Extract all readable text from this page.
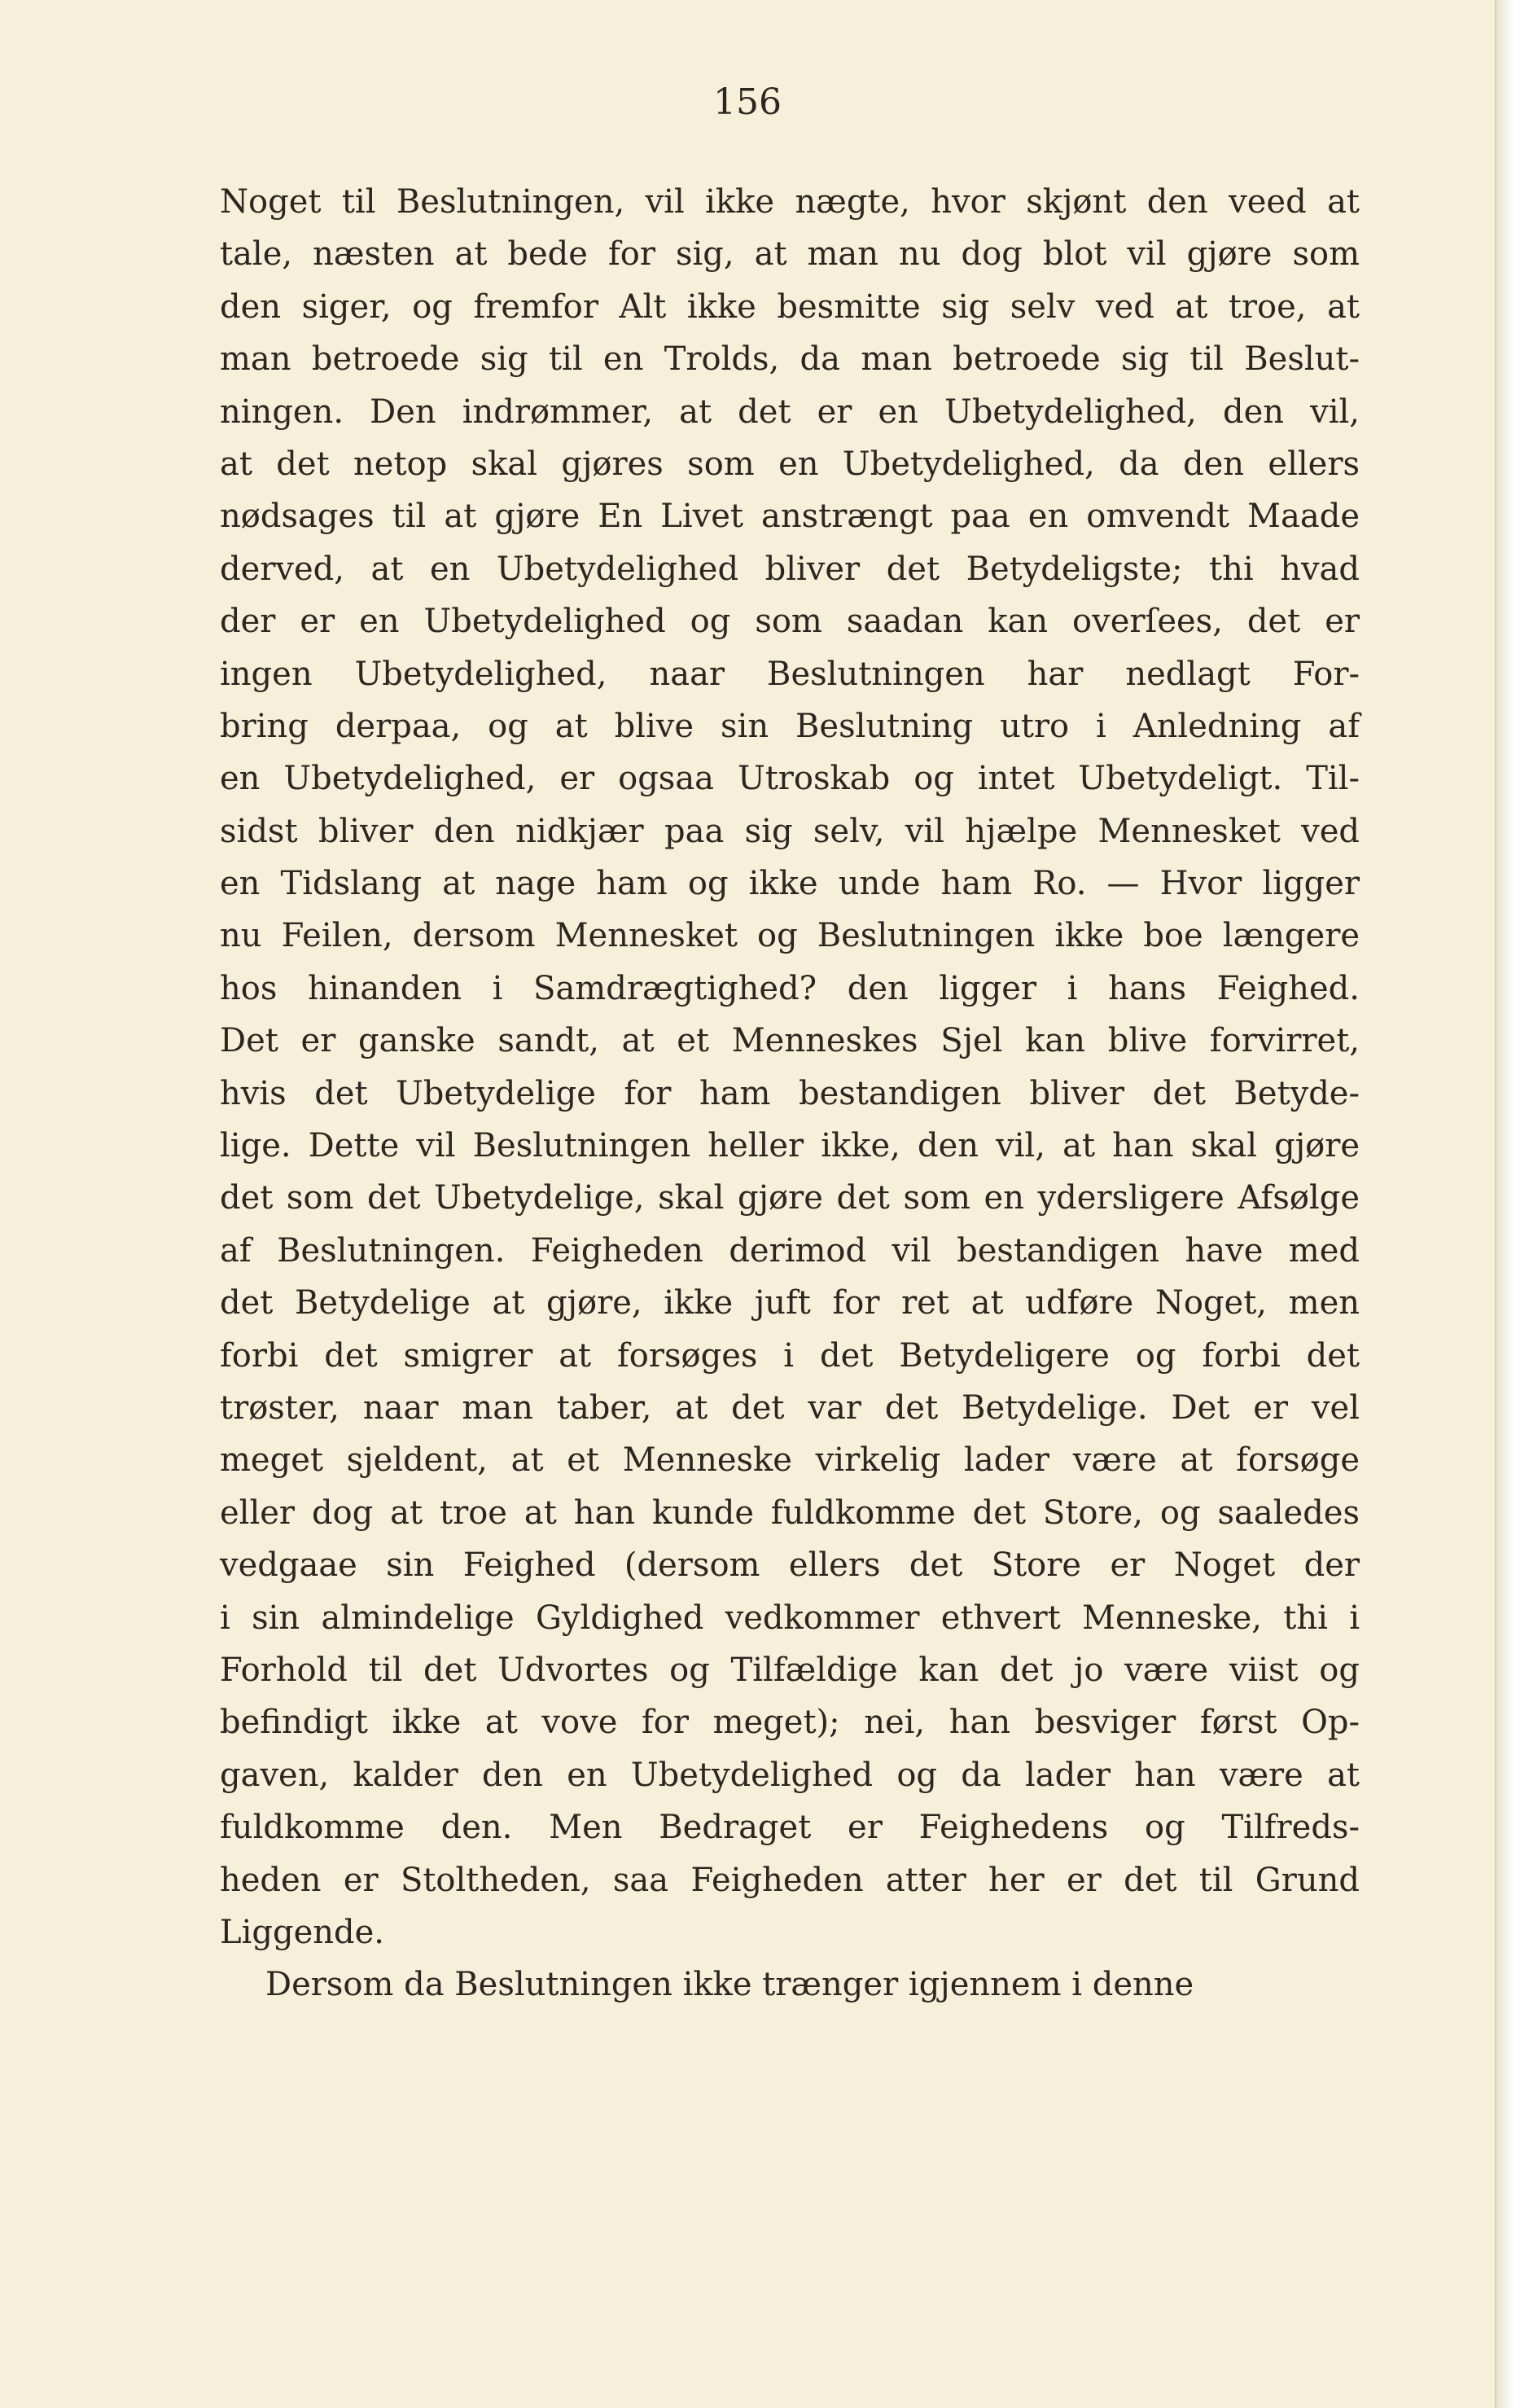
156

Noget til Beslutningen, vil ikke nægte, hvor skjønt den veed at
tale, næsten at bede for sig, at man nu dog blot vil gjøre som
den siger, og fremfor Alt ikke besmitte sig selv ved at troe, at
man betroede sig til en Trolds, da man betroede sig til Beslut-
ningen. Den indrømmer, at det er en Ubetydelighed, den vil,
at det netop skal gjøres som en Ubetydelighed, da den ellers
nødsages til at gjøre En Livet anstrængt paa en omvendt Maade
derved, at en Ubetydelighed bliver det Betydeligste; thi hvad
der er en Ubetydelighed og som saadan kan overſees, det er
ingen Ubetydelighed, naar Beslutningen har nedlagt For-
bring derpaa, og at blive sin Beslutning utro i Anledning af
en Ubetydelighed, er ogsaa Utroskab og intet Ubetydeligt. Til-
sidst bliver den nidkjær paa sig selv, vil hjælpe Mennesket ved
en Tidslang at nage ham og ikke unde ham Ro. — Hvor ligger
nu Feilen, dersom Mennesket og Beslutningen ikke boe længere
hos hinanden i Samdrægtighed? den ligger i hans Feighed.
Det er ganske sandt, at et Menneskes Sjel kan blive forvirret,
hvis det Ubetydelige for ham bestandigen bliver det Betyde-
lige. Dette vil Beslutningen heller ikke, den vil, at han skal gjøre
det som det Ubetydelige, skal gjøre det som en ydersligere Afsølge
af Beslutningen. Feigheden derimod vil bestandigen have med
det Betydelige at gjøre, ikke juft for ret at udføre Noget, men
forbi det smigrer at forsøges i det Betydeligere og forbi det
trøster, naar man taber, at det var det Betydelige. Det er vel
meget sjeldent, at et Menneske virkelig lader være at forsøge
eller dog at troe at han kunde fuldkomme det Store, og saaledes
vedgaae sin Feighed (dersom ellers det Store er Noget der
i sin almindelige Gyldighed vedkommer ethvert Menneske, thi i
Forhold til det Udvortes og Tilfældige kan det jo være viist og
befindigt ikke at vove for meget); nei, han besviger først Op-
gaven, kalder den en Ubetydelighed og da lader han være at
fuldkomme den. Men Bedraget er Feighedens og Tilfreds-
heden er Stoltheden, saa Feigheden atter her er det til Grund
Liggende.
Dersom da Beslutningen ikke trænger igjennem i denne
